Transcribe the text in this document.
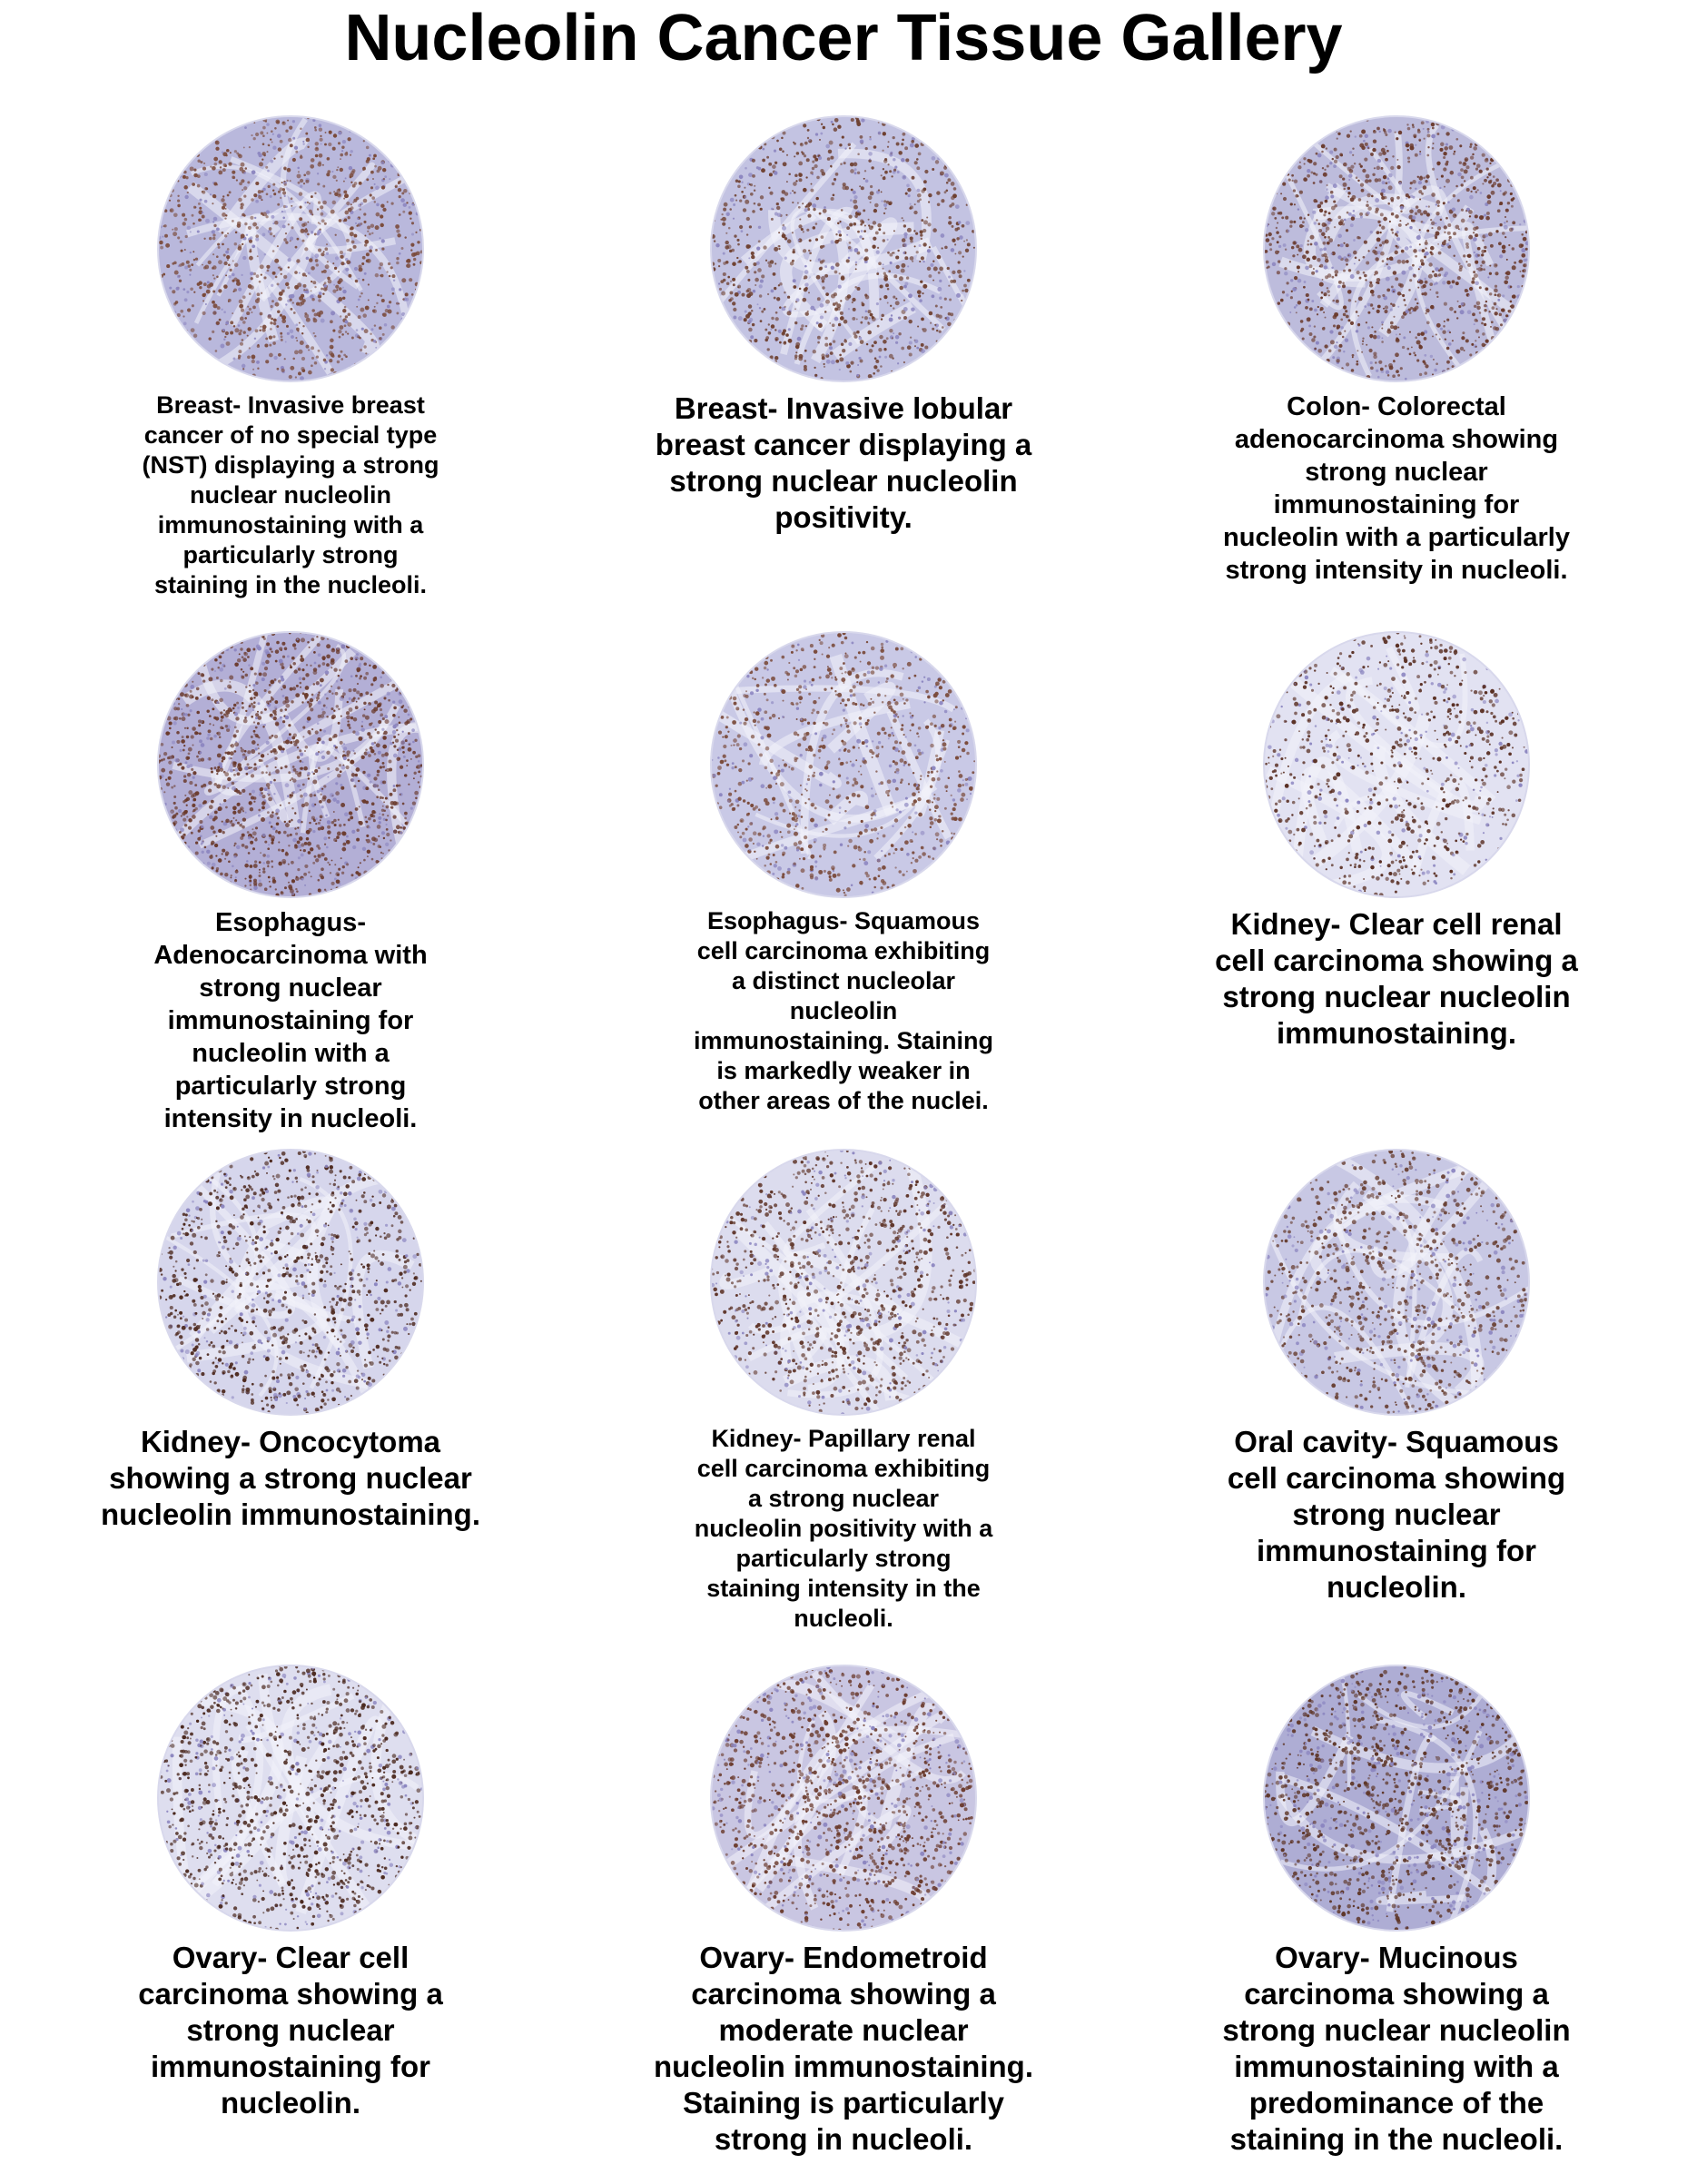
Nucleolin Cancer Tissue Gallery
Breast- Invasive breast cancer of no special type (NST) displaying a strong nuclear nucleolin immunostaining with a particularly strong staining in the nucleoli.
Breast- Invasive lobular breast cancer displaying a strong nuclear nucleolin positivity.
Colon- Colorectal adenocarcinoma showing strong nuclear immunostaining for nucleolin with a particularly strong intensity in nucleoli.
Esophagus- Adenocarcinoma with strong nuclear immunostaining for nucleolin with a particularly strong intensity in nucleoli.
Esophagus- Squamous cell carcinoma exhibiting a distinct nucleolar nucleolin immunostaining. Staining is markedly weaker in other areas of the nuclei.
Kidney- Clear cell renal cell carcinoma showing a strong nuclear nucleolin immunostaining.
Kidney- Oncocytoma showing a strong nuclear nucleolin immunostaining.
Kidney- Papillary renal cell carcinoma exhibiting a strong nuclear nucleolin positivity with a particularly strong staining intensity in the nucleoli.
Oral cavity- Squamous cell carcinoma showing strong nuclear immunostaining for nucleolin.
Ovary- Clear cell carcinoma showing a strong nuclear immunostaining for nucleolin.
Ovary- Endometroid carcinoma showing a moderate nuclear nucleolin immunostaining. Staining is particularly strong in nucleoli.
Ovary- Mucinous carcinoma showing a strong nuclear nucleolin immunostaining with a predominance of the staining in the nucleoli.
